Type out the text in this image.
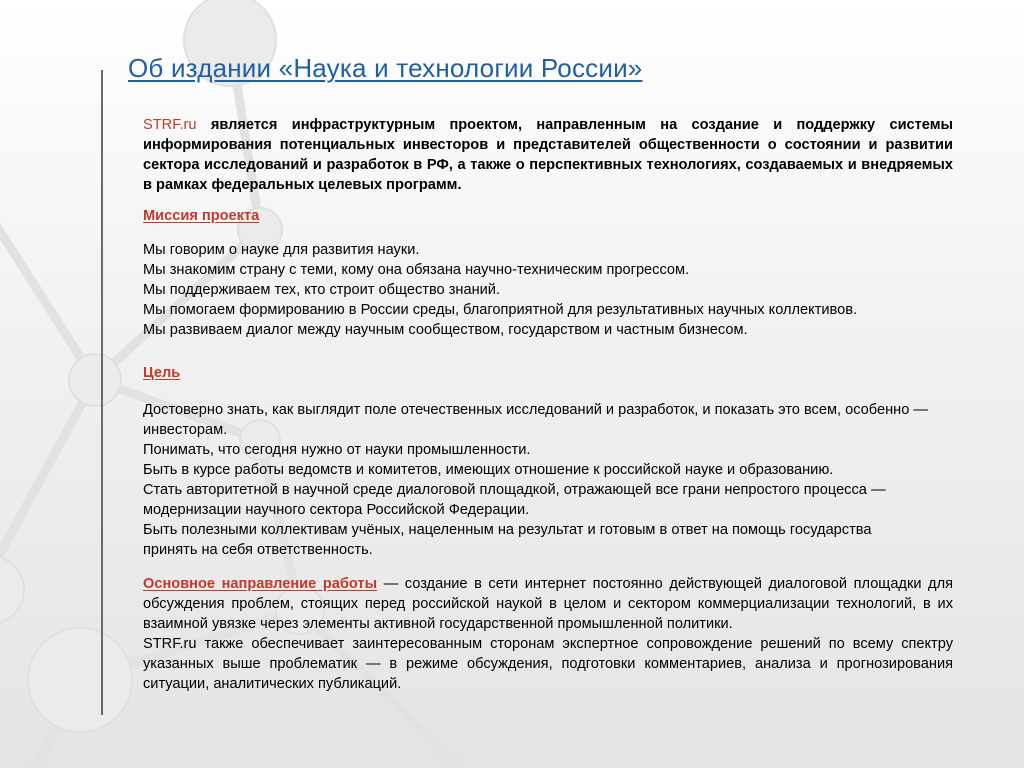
Об издании «Наука и технологии России»

STRF.ru является инфраструктурным проектом, направленным на создание и поддержку системы информирования потенциальных инвесторов и представителей общественности о состоянии и развитии сектора исследований и разработок в РФ, а также о перспективных технологиях, создаваемых и внедряемых в рамках федеральных целевых программ.

Миссия проекта

Мы говорим о науке для развития науки.

Мы знакомим страну с теми, кому она обязана научно-техническим прогрессом.

Мы поддерживаем тех, кто строит общество знаний.

Мы помогаем формированию в России среды, благоприятной для результативных научных коллективов.

Мы развиваем диалог между научным сообществом, государством и частным бизнесом.

Цель

Достоверно знать, как выглядит поле отечественных исследований и разработок, и показать это всем, особенно — инвесторам.

Понимать, что сегодня нужно от науки промышленности.

Быть в курсе работы ведомств и комитетов, имеющих отношение к российской науке и образованию.

Стать авторитетной в научной среде диалоговой площадкой, отражающей все грани непростого процесса — модернизации научного сектора Российской Федерации.

Быть полезными коллективам учёных, нацеленным на результат и готовым в ответ на помощь государства принять на себя ответственность.

Основное направление работы — создание в сети интернет постоянно действующей диалоговой площадки для обсуждения проблем, стоящих перед российской наукой в целом и сектором коммерциализации технологий, в их взаимной увязке через элементы активной государственной промышленной политики.

STRF.ru также обеспечивает заинтересованным сторонам экспертное сопровождение решений по всему спектру указанных выше проблематик — в режиме обсуждения, подготовки комментариев, анализа и прогнозирования ситуации, аналитических публикаций.
